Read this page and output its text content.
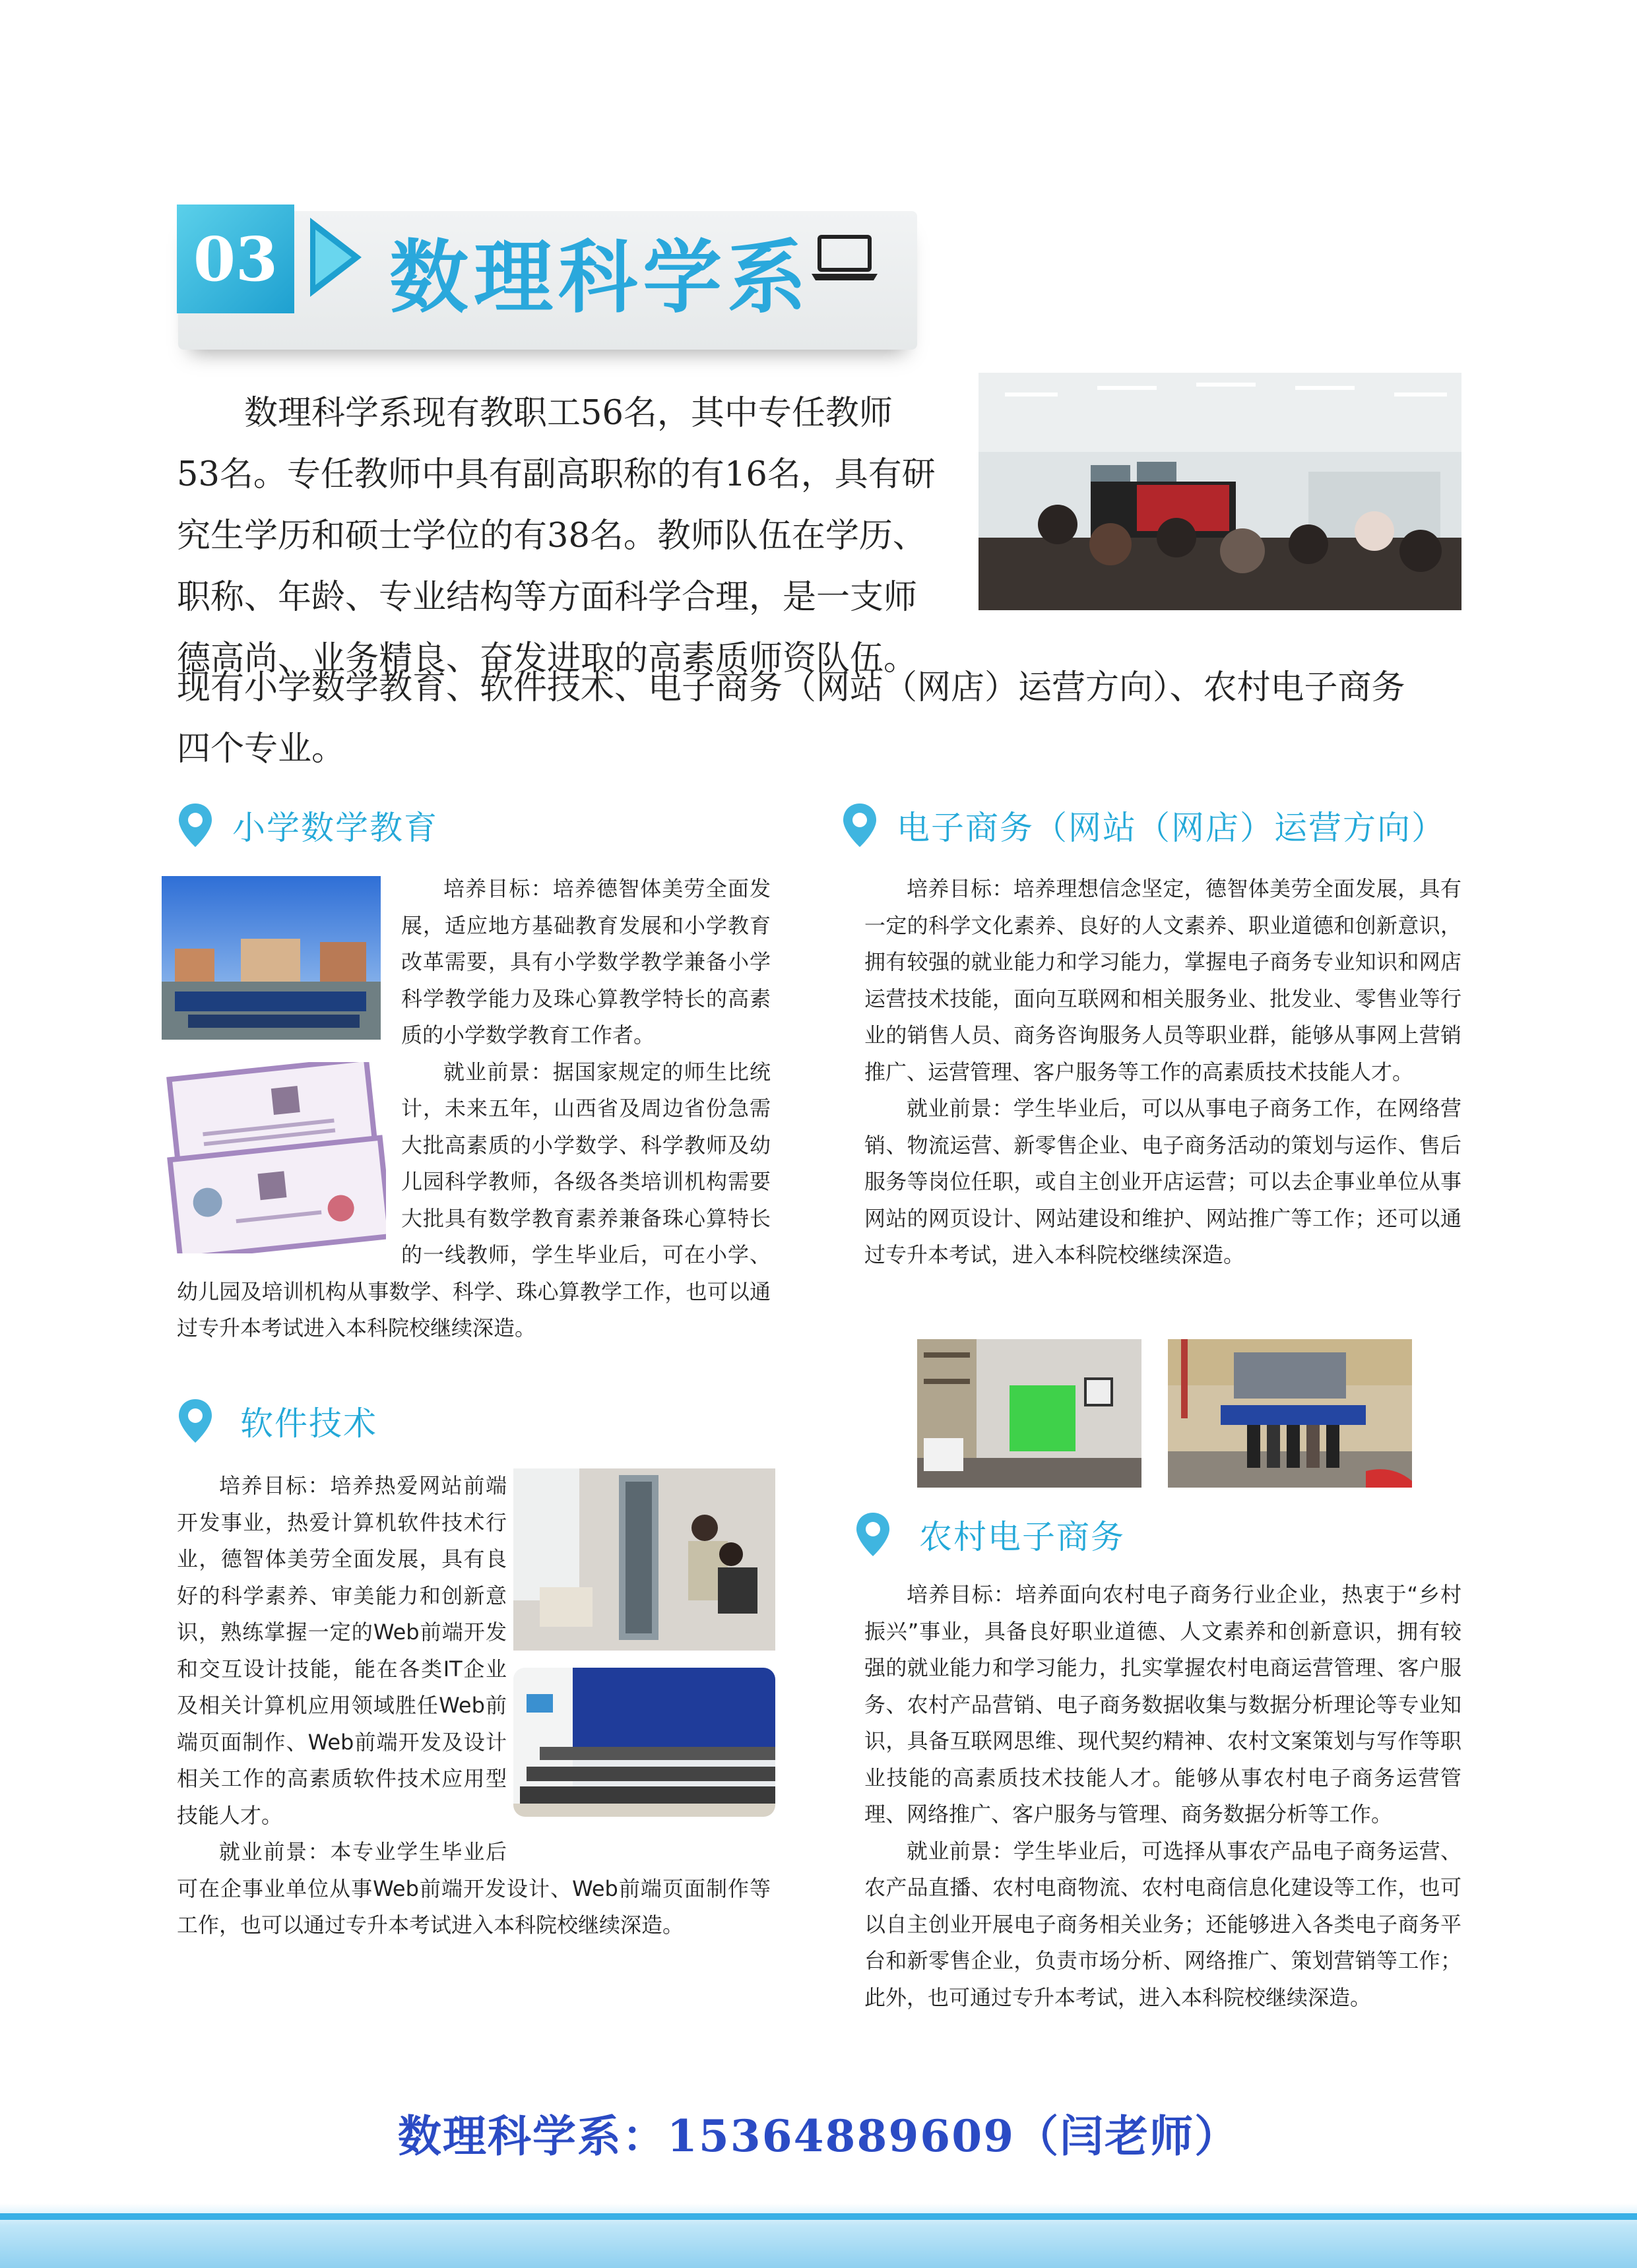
03 数理科学系

数理科学系现有教职工56名，其中专任教师

53名。专任教师中具有副高职称的有16名，具有研

究生学历和硕士学位的有38名。教师队伍在学历、

职称、年龄、专业结构等方面科学合理，是一支师

德高尚、业务精良、奋发进取的高素质师资队伍。

现有小学数学教育、软件技术、电子商务（网站（网店）运营方向）、农村电子商务
四个专业。
小学数学教育

培养目标：培养德智体美劳全面发展，适应地方基础教育发展和小学教育改革需要，具有小学数学教学兼备小学科学教学能力及珠心算教学特长的高素质的小学数学教育工作者。

就业前景：据国家规定的师生比统计，未来五年，山西省及周边省份急需大批高素质的小学数学、科学教师及幼儿园科学教师，各级各类培训机构需要大批具有数学教育素养兼备珠心算特长的一线教师，学生毕业后，可在小学、幼儿园及培训机构从事数学、科学、珠心算教学工作，也可以通过专升本考试进入本科院校继续深造。

软件技术

培养目标：培养热爱网站前端开发事业，热爱计算机软件技术行业，德智体美劳全面发展，具有良好的科学素养、审美能力和创新意识，熟练掌握一定的Web前端开发和交互设计技能，能在各类IT企业及相关计算机应用领域胜任Web前端页面制作、Web前端开发及设计相关工作的高素质软件技术应用型技能人才。

就业前景：本专业学生毕业后可在企事业单位从事Web前端开发设计、Web前端页面制作等工作，也可以通过专升本考试进入本科院校继续深造。

电子商务（网站（网店）运营方向）

培养目标：培养理想信念坚定，德智体美劳全面发展，具有一定的科学文化素养、良好的人文素养、职业道德和创新意识，拥有较强的就业能力和学习能力，掌握电子商务专业知识和网店运营技术技能，面向互联网和相关服务业、批发业、零售业等行业的销售人员、商务咨询服务人员等职业群，能够从事网上营销推广、运营管理、客户服务等工作的高素质技术技能人才。

就业前景：学生毕业后，可以从事电子商务工作，在网络营销、物流运营、新零售企业、电子商务活动的策划与运作、售后服务等岗位任职，或自主创业开店运营；可以去企事业单位从事网站的网页设计、网站建设和维护、网站推广等工作；还可以通过专升本考试，进入本科院校继续深造。

农村电子商务

培养目标：培养面向农村电子商务行业企业，热衷于“乡村振兴”事业，具备良好职业道德、人文素养和创新意识，拥有较强的就业能力和学习能力，扎实掌握农村电商运营管理、客户服务、农村产品营销、电子商务数据收集与数据分析理论等专业知识，具备互联网思维、现代契约精神、农村文案策划与写作等职业技能的高素质技术技能人才。能够从事农村电子商务运营管理、网络推广、客户服务与管理、商务数据分析等工作。

就业前景：学生毕业后，可选择从事农产品电子商务运营、农产品直播、农村电商物流、农村电商信息化建设等工作，也可以自主创业开展电子商务相关业务；还能够进入各类电子商务平台和新零售企业，负责市场分析、网络推广、策划营销等工作；此外，也可通过专升本考试，进入本科院校继续深造。

数理科学系：15364889609（闫老师）
